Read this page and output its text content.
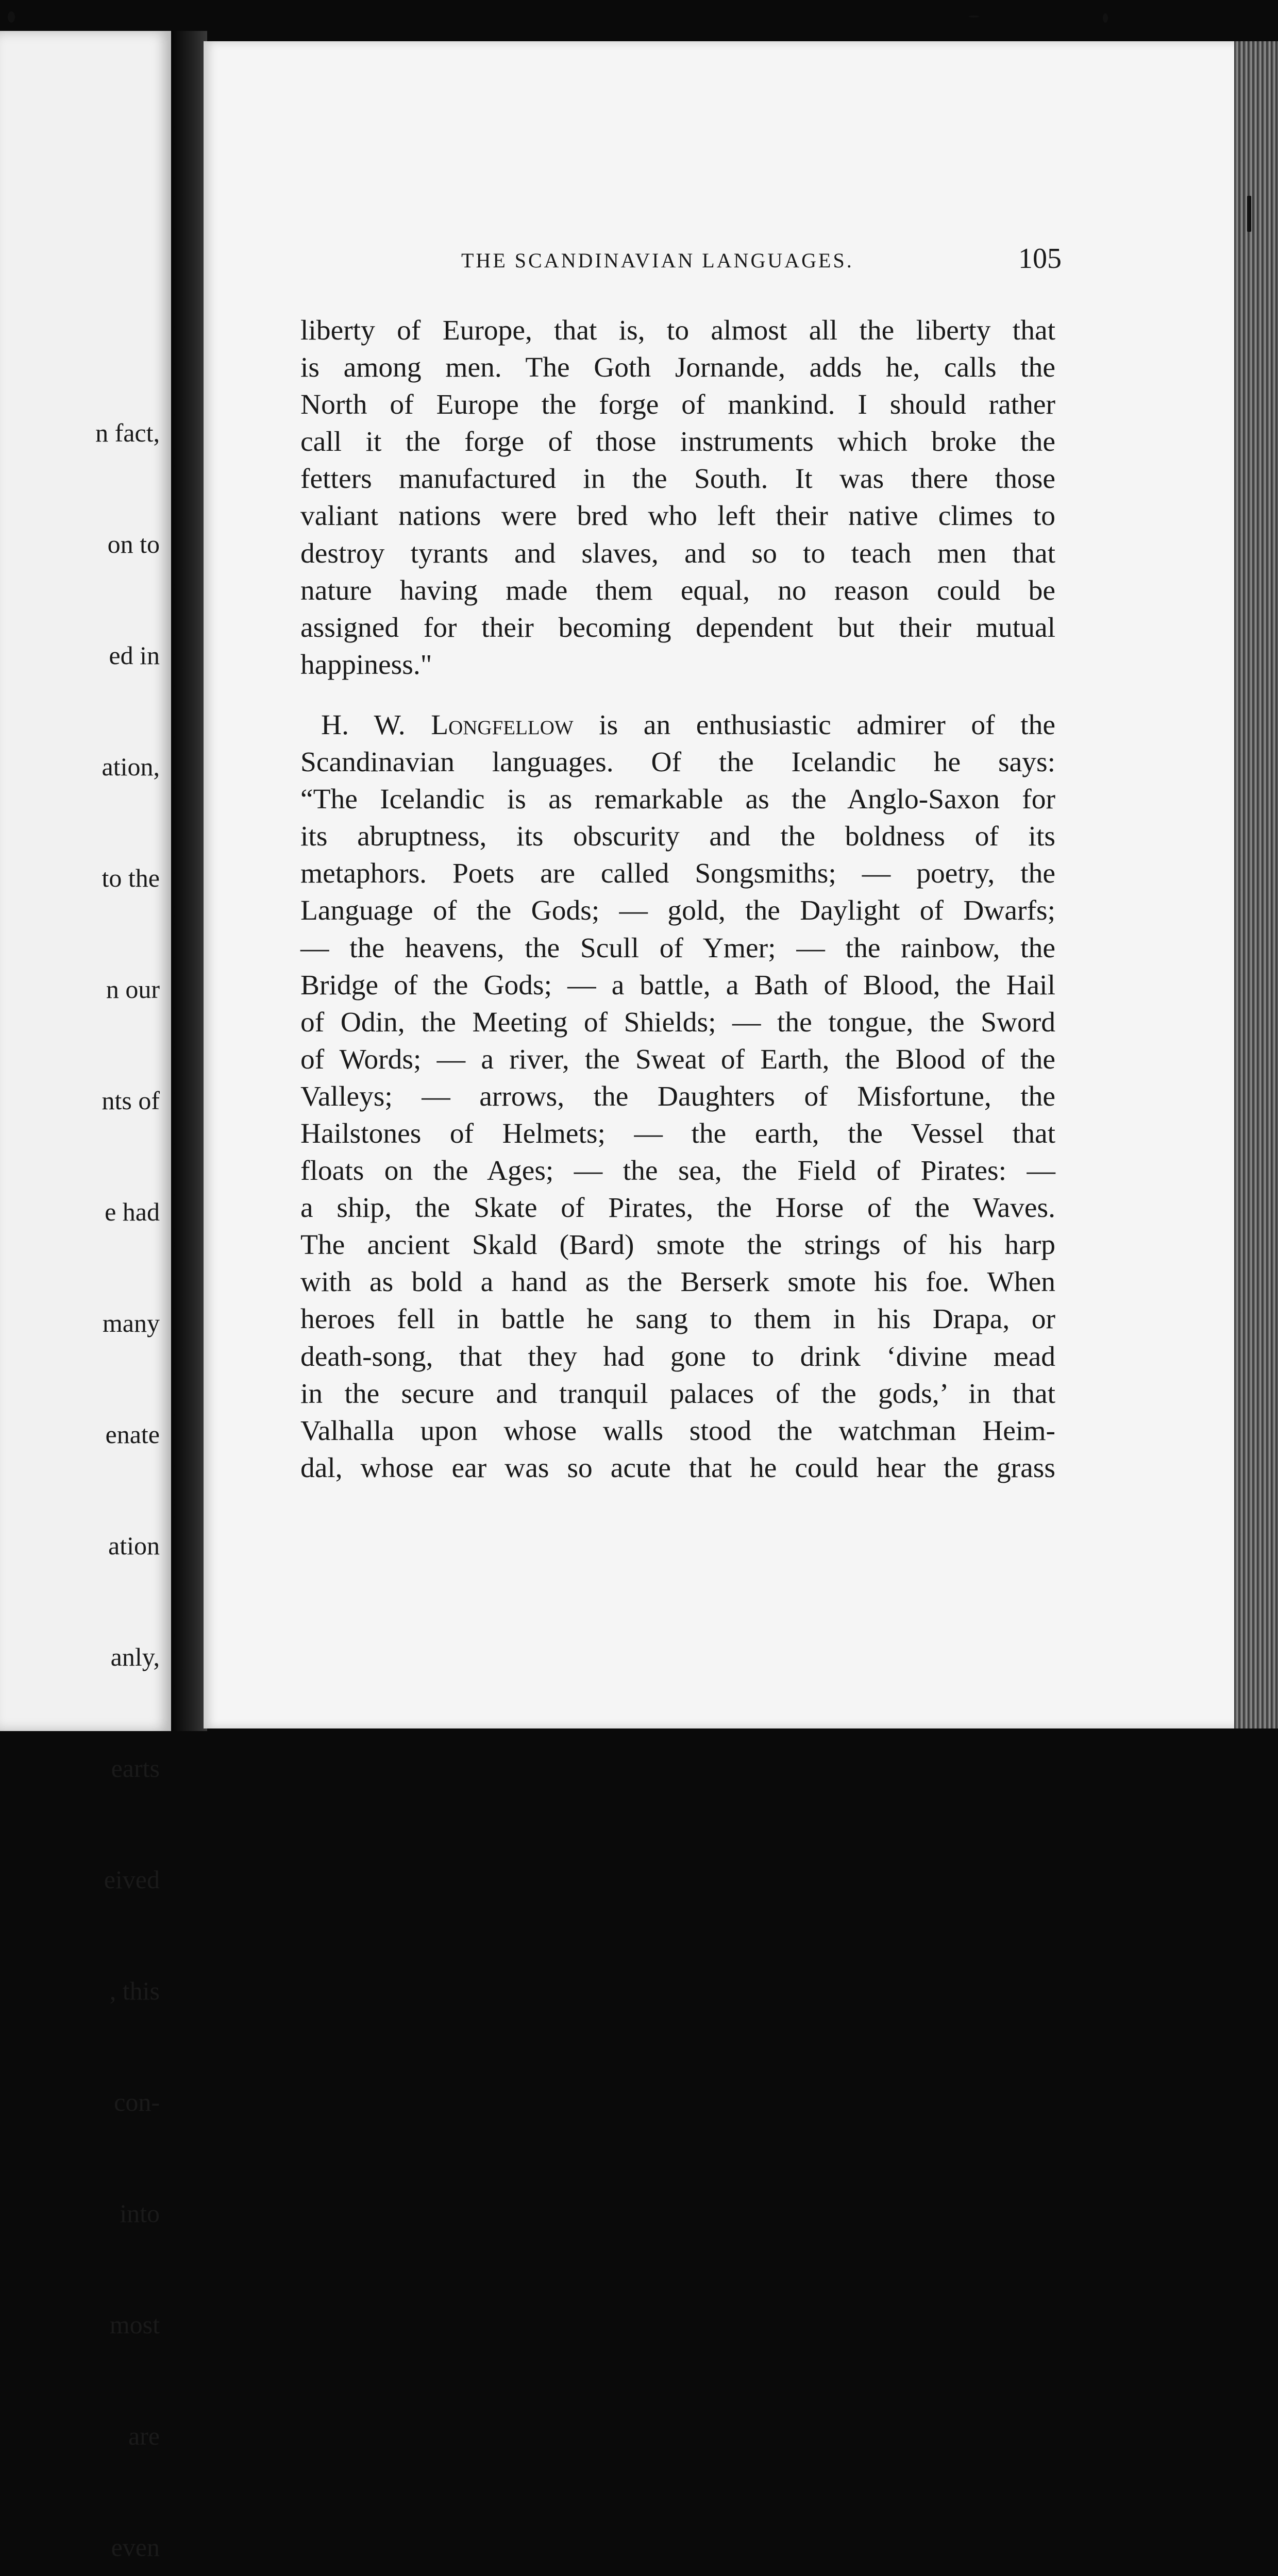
n fact,

on to

ed in

ation,

to the

n our

nts of

e had

many

enate

ation

anly,

earts

eived

, this

con-

into

most

are

even

THE SCANDINAVIAN LANGUAGES.	105
liberty of Europe, that is, to almost all the liberty that
is among men. The Goth Jornande, adds he, calls the
North of Europe the forge of mankind. I should rather
call it the forge of those instruments which broke the
fetters manufactured in the South. It was there those
valiant nations were bred who left their native climes to
destroy tyrants and slaves, and so to teach men that
nature having made them equal, no reason could be
assigned for their becoming dependent but their mutual
happiness."
H. W. Longfellow is an enthusiastic admirer of the
Scandinavian languages. Of the Icelandic he says:
“The Icelandic is as remarkable as the Anglo-Saxon for
its abruptness, its obscurity and the boldness of its
metaphors. Poets are called Songsmiths; — poetry, the
Language of the Gods; — gold, the Daylight of Dwarfs;
— the heavens, the Scull of Ymer; — the rainbow, the
Bridge of the Gods; — a battle, a Bath of Blood, the Hail
of Odin, the Meeting of Shields; — the tongue, the Sword
of Words; — a river, the Sweat of Earth, the Blood of the
Valleys; — arrows, the Daughters of Misfortune, the
Hailstones of Helmets; — the earth, the Vessel that
floats on the Ages; — the sea, the Field of Pirates: —
a ship, the Skate of Pirates, the Horse of the Waves.
The ancient Skald (Bard) smote the strings of his harp
with as bold a hand as the Berserk smote his foe. When
heroes fell in battle he sang to them in his Drapa, or
death-song, that they had gone to drink ‘divine mead
in the secure and tranquil palaces of the gods,’ in that
Valhalla upon whose walls stood the watchman Heim-
dal, whose ear was so acute that he could hear the grass
